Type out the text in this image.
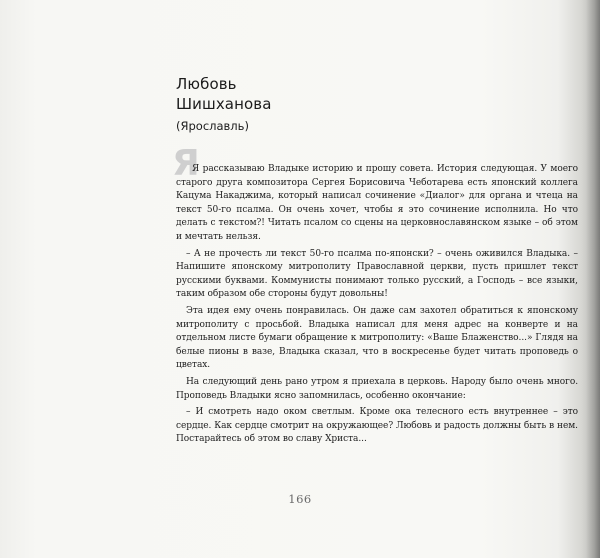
Любовь
Шишханова
(Ярославль)
Я

Я рассказываю Владыке историю и прошу совета. История следующая. У моего старого друга композитора Сергея Борисовича Чеботарева есть японский коллега Кацума Накаджима, который написал сочинение «Диалог» для органа и чтеца на текст 50-го псалма. Он очень хочет, чтобы я это сочинение исполнила. Но что делать с текстом?! Читать псалом со сцены на церковнославянском языке – об этом и мечтать нельзя.

– А не прочесть ли текст 50-го псалма по-японски? – очень оживился Владыка. – Напишите японскому митрополиту Православной церкви, пусть пришлет текст русскими буквами. Коммунисты понимают только русский, а Господь – все языки, таким образом обе стороны будут довольны!

Эта идея ему очень понравилась. Он даже сам захотел обратиться к японскому митрополиту с просьбой. Владыка написал для меня адрес на конверте и на отдельном листе бумаги обращение к митрополиту: «Ваше Блаженство...» Глядя на белые пионы в вазе, Владыка сказал, что в воскресенье будет читать проповедь о цветах.

На следующий день рано утром я приехала в церковь. Народу было очень много. Проповедь Владыки ясно запомнилась, особенно окончание:

– И смотреть надо оком светлым. Кроме ока телесного есть внутреннее – это сердце. Как сердце смотрит на окружающее? Любовь и радость должны быть в нем. Постарайтесь об этом во славу Христа...

166
